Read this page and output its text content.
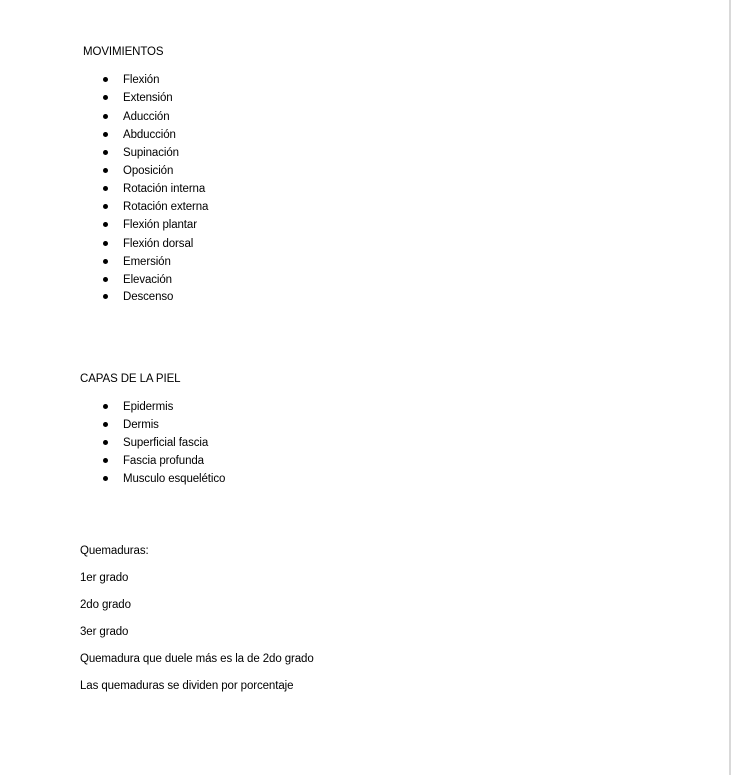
MOVIMIENTOS
Flexión
Extensión
Aducción
Abducción
Supinación
Oposición
Rotación interna
Rotación externa
Flexión plantar
Flexión dorsal
Emersión
Elevación
Descenso
CAPAS DE LA PIEL
Epidermis
Dermis
Superficial fascia
Fascia profunda
Musculo esquelético
Quemaduras:
1er grado
2do grado
3er grado
Quemadura que duele más es la de 2do grado
Las quemaduras se dividen por porcentaje
